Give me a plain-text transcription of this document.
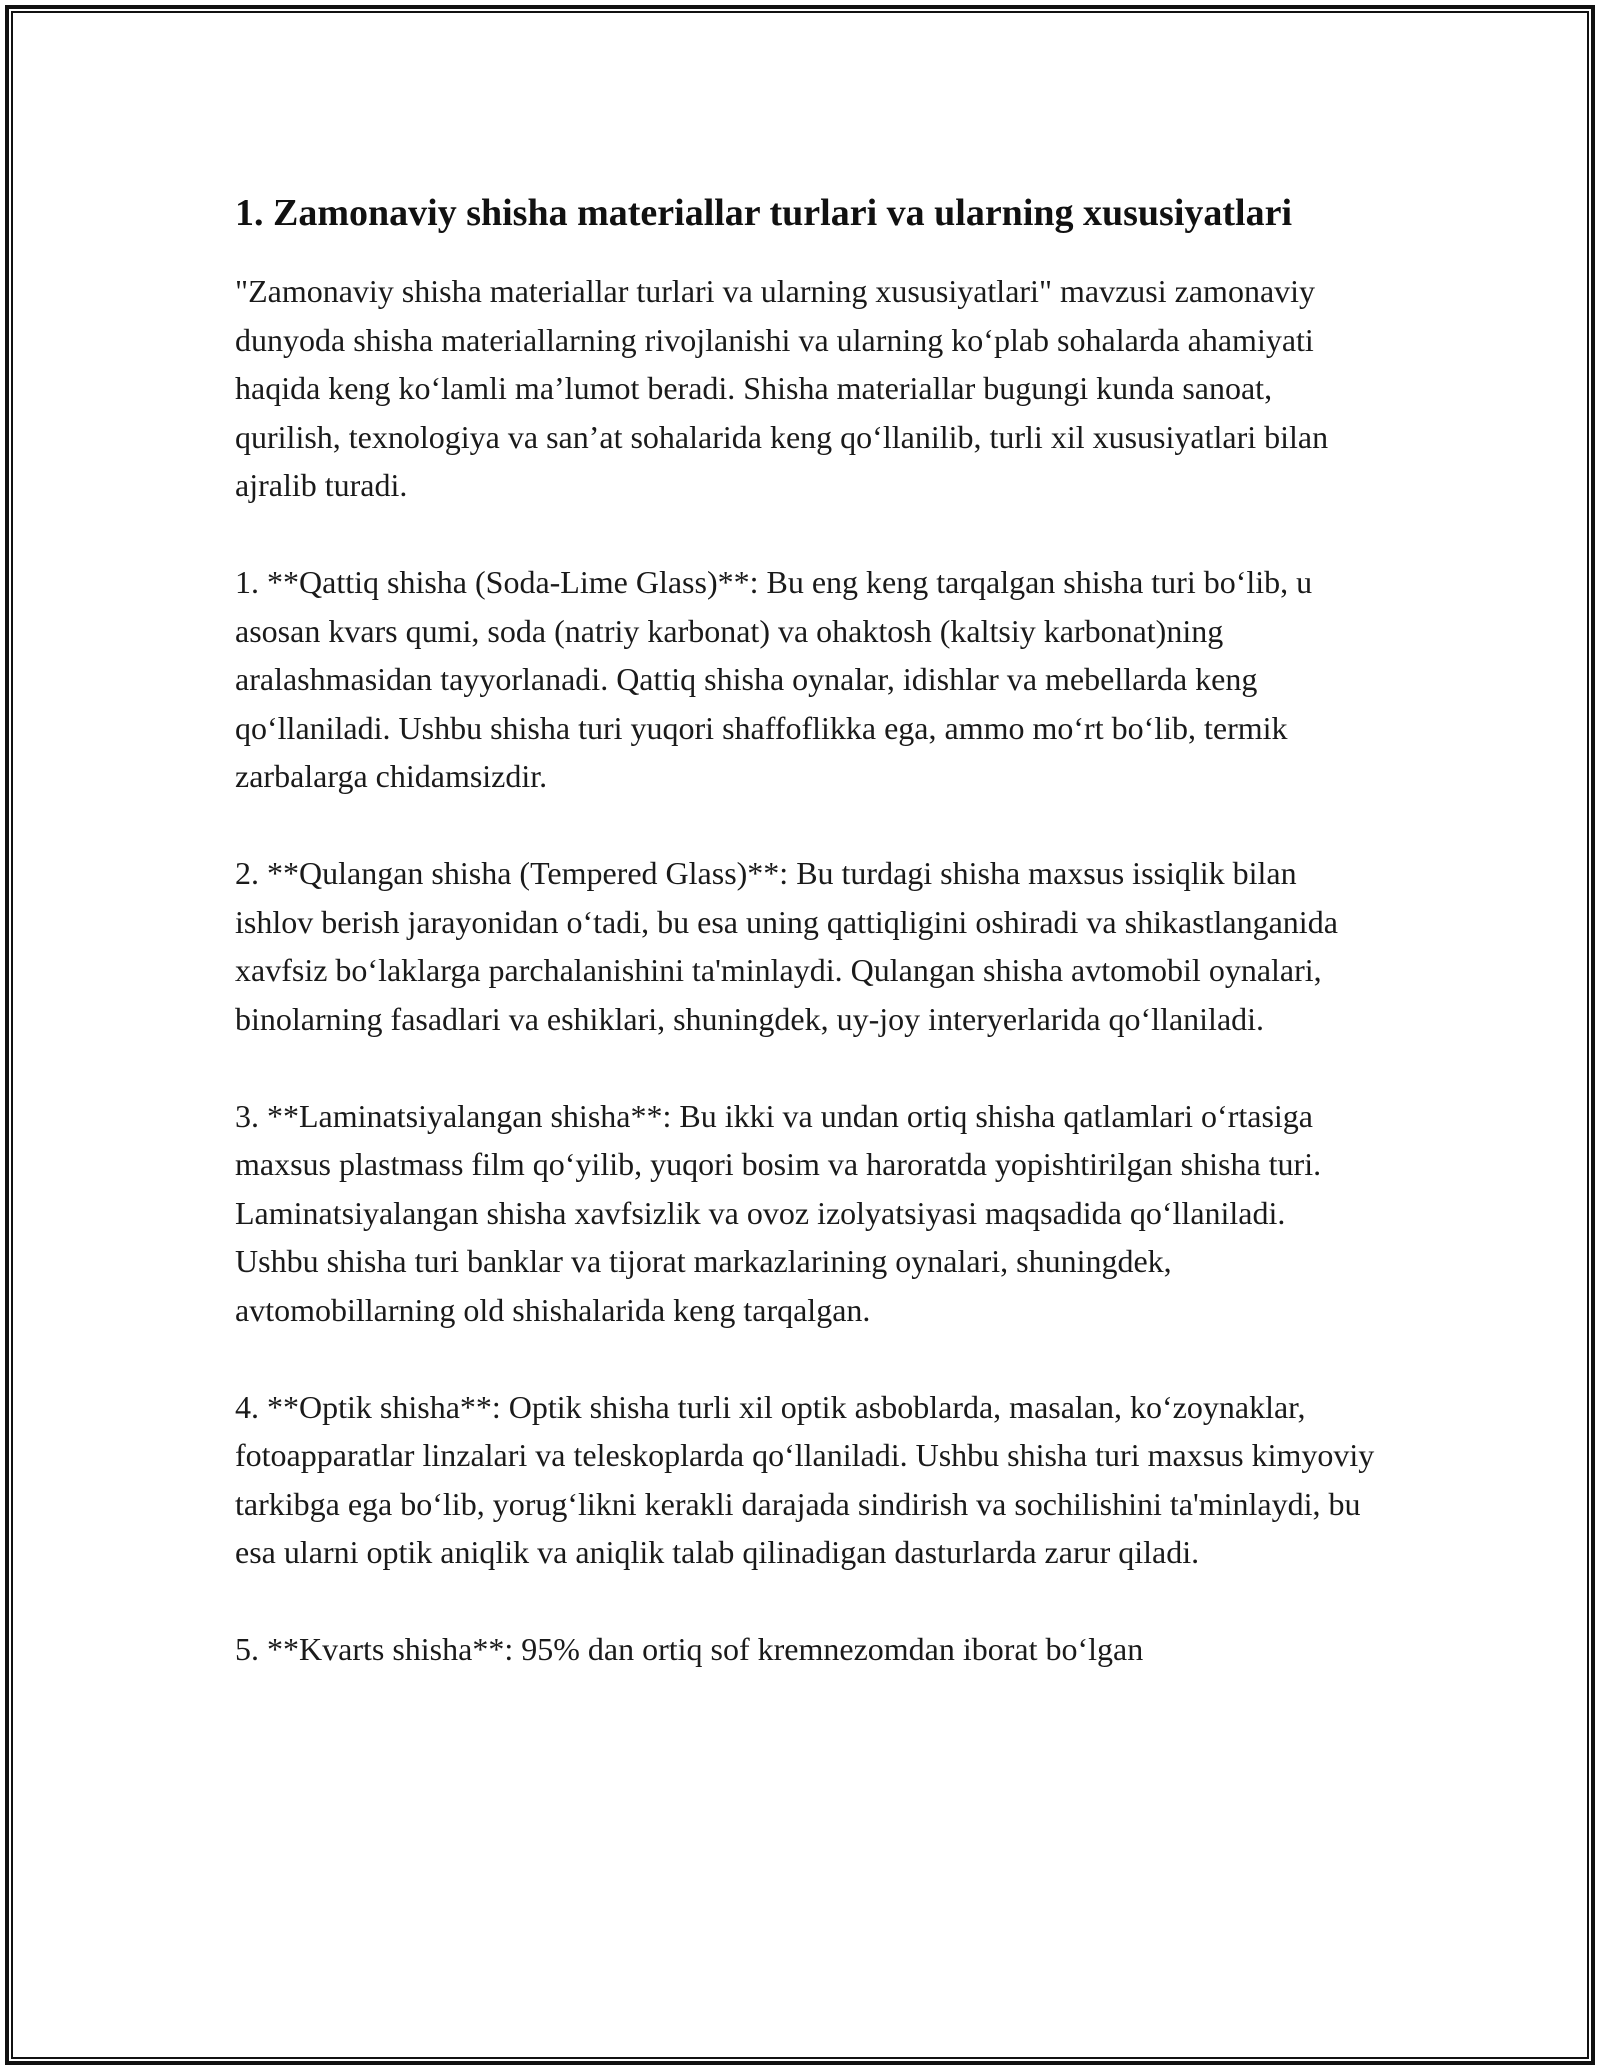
1. Zamonaviy shisha materiallar turlari va ularning xususiyatlari

"Zamonaviy shisha materiallar turlari va ularning xususiyatlari" mavzusi zamonaviy dunyoda shisha materiallarning rivojlanishi va ularning ko‘plab sohalarda ahamiyati haqida keng ko‘lamli ma’lumot beradi. Shisha materiallar bugungi kunda sanoat, qurilish, texnologiya va san’at sohalarida keng qo‘llanilib, turli xil xususiyatlari bilan ajralib turadi.

1. **Qattiq shisha (Soda-Lime Glass)**: Bu eng keng tarqalgan shisha turi bo‘lib, u asosan kvars qumi, soda (natriy karbonat) va ohaktosh (kaltsiy karbonat)ning aralashmasidan tayyorlanadi. Qattiq shisha oynalar, idishlar va mebellarda keng qo‘llaniladi. Ushbu shisha turi yuqori shaffoflikka ega, ammo mo‘rt bo‘lib, termik zarbalarga chidamsizdir.

2. **Qulangan shisha (Tempered Glass)**: Bu turdagi shisha maxsus issiqlik bilan ishlov berish jarayonidan o‘tadi, bu esa uning qattiqligini oshiradi va shikastlanganida xavfsiz bo‘laklarga parchalanishini ta'minlaydi. Qulangan shisha avtomobil oynalari, binolarning fasadlari va eshiklari, shuningdek, uy-joy interyerlarida qo‘llaniladi.

3. **Laminatsiyalangan shisha**: Bu ikki va undan ortiq shisha qatlamlari o‘rtasiga maxsus plastmass film qo‘yilib, yuqori bosim va haroratda yopishtirilgan shisha turi. Laminatsiyalangan shisha xavfsizlik va ovoz izolyatsiyasi maqsadida qo‘llaniladi. Ushbu shisha turi banklar va tijorat markazlarining oynalari, shuningdek, avtomobillarning old shishalarida keng tarqalgan.

4. **Optik shisha**: Optik shisha turli xil optik asboblarda, masalan, ko‘zoynaklar, fotoapparatlar linzalari va teleskoplarda qo‘llaniladi. Ushbu shisha turi maxsus kimyoviy tarkibga ega bo‘lib, yorug‘likni kerakli darajada sindirish va sochilishini ta'minlaydi, bu esa ularni optik aniqlik va aniqlik talab qilinadigan dasturlarda zarur qiladi.

5. **Kvarts shisha**: 95% dan ortiq sof kremnezomdan iborat bo‘lgan
